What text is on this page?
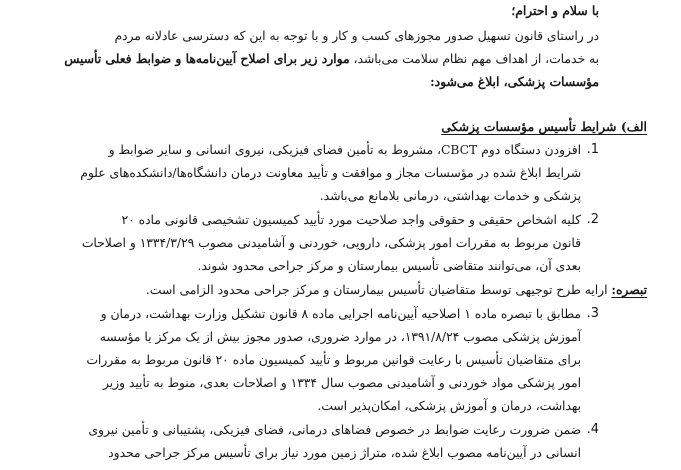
با سلام و احترام؛
در راستای قانون تسهیل صدور مجوزهای کسب و کار و با توجه به این که دسترسی عادلانه مردم
به خدمات، از اهداف مهم نظام سلامت می‌باشد، موارد زیر برای اصلاح آیین‌نامه‌ها و ضوابط فعلی تأسیس
مؤسسات پزشکی، ابلاغ می‌شود:
الف) شرایط تأسیس مؤسسات پزشکی
1.
افزودن دستگاه دوم CBCT، مشروط به تأمین فضای فیزیکی، نیروی انسانی و سایر ضوابط و
شرایط ابلاغ شده در مؤسسات مجاز و موافقت و تأیید معاونت درمان دانشگاه‌ها/دانشکده‌های علوم
پزشکی و خدمات بهداشتی، درمانی بلامانع می‌باشد.
2.
کلیه اشخاص حقیقی و حقوقی واجد صلاحیت مورد تأیید کمیسیون تشخیصی قانونی ماده ۲۰
قانون مربوط به مقررات امور پزشکی، دارویی، خوردنی و آشامیدنی مصوب ۱۳۳۴/۳/۲۹ و اصلاحات
بعدی آن، می‌توانند متقاضی تأسیس بیمارستان و مرکز جراحی محدود شوند.
تبصره: ارایه طرح توجیهی توسط متقاضیان تأسیس بیمارستان و مرکز جراحی محدود الزامی است.
3.
مطابق با تبصره ماده ۱ اصلاحیه آیین‌نامه اجرایی ماده ۸ قانون تشکیل وزارت بهداشت، درمان و
آموزش پزشکی مصوب ۱۳۹۱/۸/۲۴، در موارد ضروری، صدور مجوز بیش از یک مرکز یا مؤسسه
برای متقاضیان تأسیس با رعایت قوانین مربوط و تأیید کمیسیون ماده ۲۰ قانون مربوط به مقررات
امور پزشکی مواد خوردنی و آشامیدنی مصوب سال ۱۳۳۴ و اصلاحات بعدی، منوط به تأیید وزیر
بهداشت، درمان و آموزش پزشکی، امکان‌پذیر است.
4.
ضمن ضرورت رعایت ضوابط در خصوص فضاهای درمانی، فضای فیزیکی، پشتیبانی و تأمین نیروی
انسانی در آیین‌نامه مصوب ابلاغ شده، متراژ زمین مورد نیاز برای تأسیس مرکز جراحی محدود
